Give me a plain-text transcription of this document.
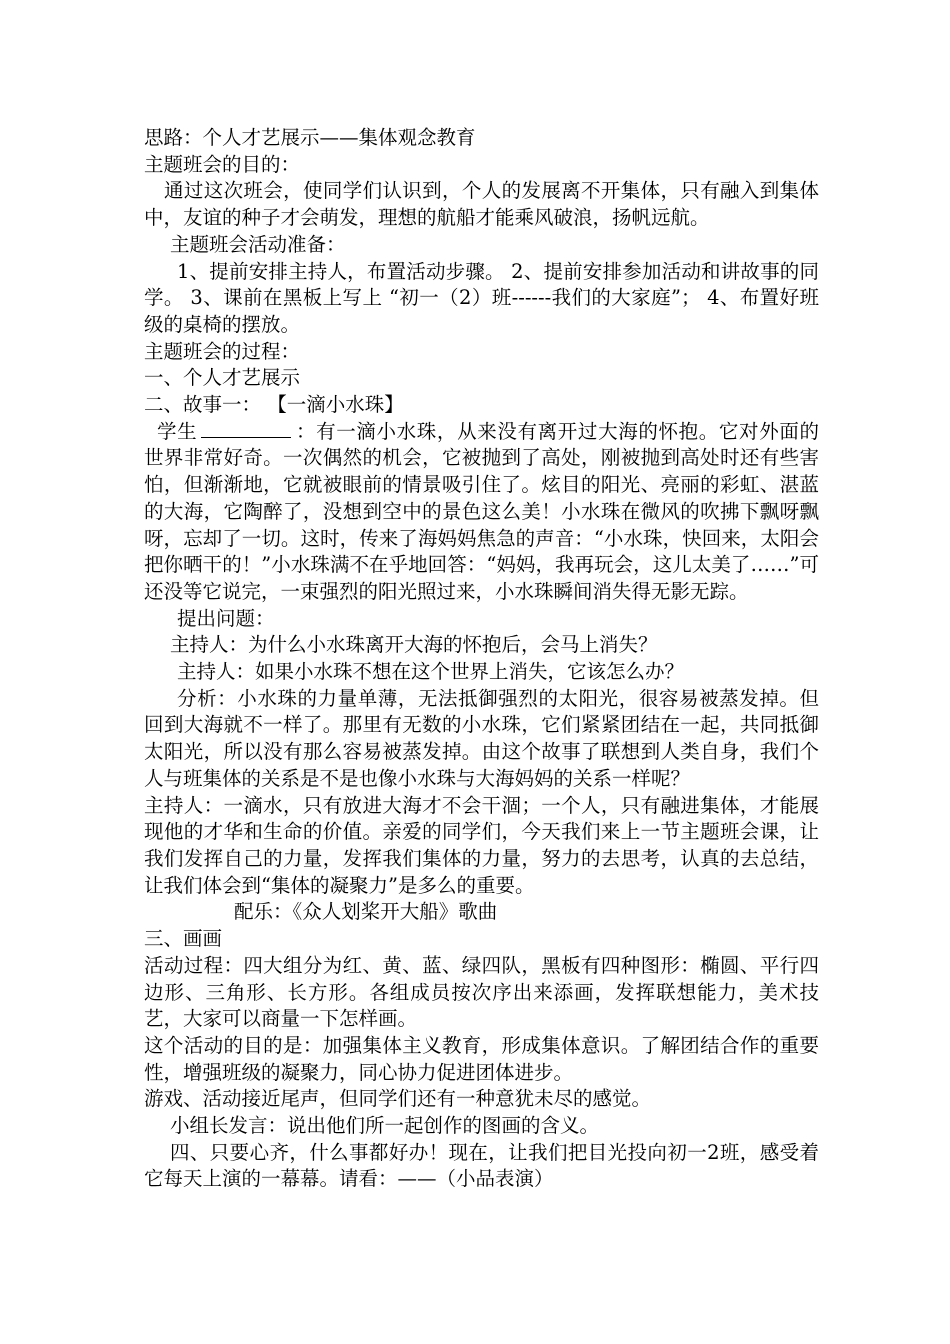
思路：个人才艺展示——集体观念教育

主题班会的目的：

通过这次班会，使同学们认识到，个人的发展离不开集体，只有融入到集体中，友谊的种子才会萌发，理想的航船才能乘风破浪，扬帆远航。

主题班会活动准备：

1、提前安排主持人，布置活动步骤。 2、提前安排参加活动和讲故事的同学。 3、课前在黑板上写上 “初一（2）班------我们的大家庭”； 4、布置好班级的桌椅的摆放。

主题班会的过程：

一、个人才艺展示

二、故事一： 【一滴小水珠】

学生	：有一滴小水珠，从来没有离开过大海的怀抱。它对外面的世界非常好奇。一次偶然的机会，它被抛到了高处，刚被抛到高处时还有些害怕，但渐渐地，它就被眼前的情景吸引住了。炫目的阳光、亮丽的彩虹、湛蓝的大海，它陶醉了，没想到空中的景色这么美！小水珠在微风的吹拂下飘呀飘呀，忘却了一切。这时，传来了海妈妈焦急的声音：“小水珠，快回来，太阳会把你晒干的！”小水珠满不在乎地回答：“妈妈，我再玩会，这儿太美了……”可还没等它说完，一束强烈的阳光照过来，小水珠瞬间消失得无影无踪。

提出问题：

主持人：为什么小水珠离开大海的怀抱后，会马上消失？

主持人：如果小水珠不想在这个世界上消失，它该怎么办？

分析：小水珠的力量单薄，无法抵御强烈的太阳光，很容易被蒸发掉。但回到大海就不一样了。那里有无数的小水珠，它们紧紧团结在一起，共同抵御太阳光，所以没有那么容易被蒸发掉。由这个故事了联想到人类自身，我们个人与班集体的关系是不是也像小水珠与大海妈妈的关系一样呢？

主持人：一滴水，只有放进大海才不会干涸；一个人，只有融进集体，才能展现他的才华和生命的价值。亲爱的同学们，今天我们来上一节主题班会课，让我们发挥自己的力量，发挥我们集体的力量，努力的去思考，认真的去总结，让我们体会到“集体的凝聚力”是多么的重要。

配乐：《众人划桨开大船》歌曲

三、画画

活动过程：四大组分为红、黄、蓝、绿四队，黑板有四种图形：椭圆、平行四边形、三角形、长方形。各组成员按次序出来添画，发挥联想能力，美术技艺，大家可以商量一下怎样画。

这个活动的目的是：加强集体主义教育，形成集体意识。了解团结合作的重要性，增强班级的凝聚力，同心协力促进团体进步。

游戏、活动接近尾声，但同学们还有一种意犹未尽的感觉。

小组长发言：说出他们所一起创作的图画的含义。

四、只要心齐，什么事都好办！现在，让我们把目光投向初一2班，感受着它每天上演的一幕幕。请看：——（小品表演）
